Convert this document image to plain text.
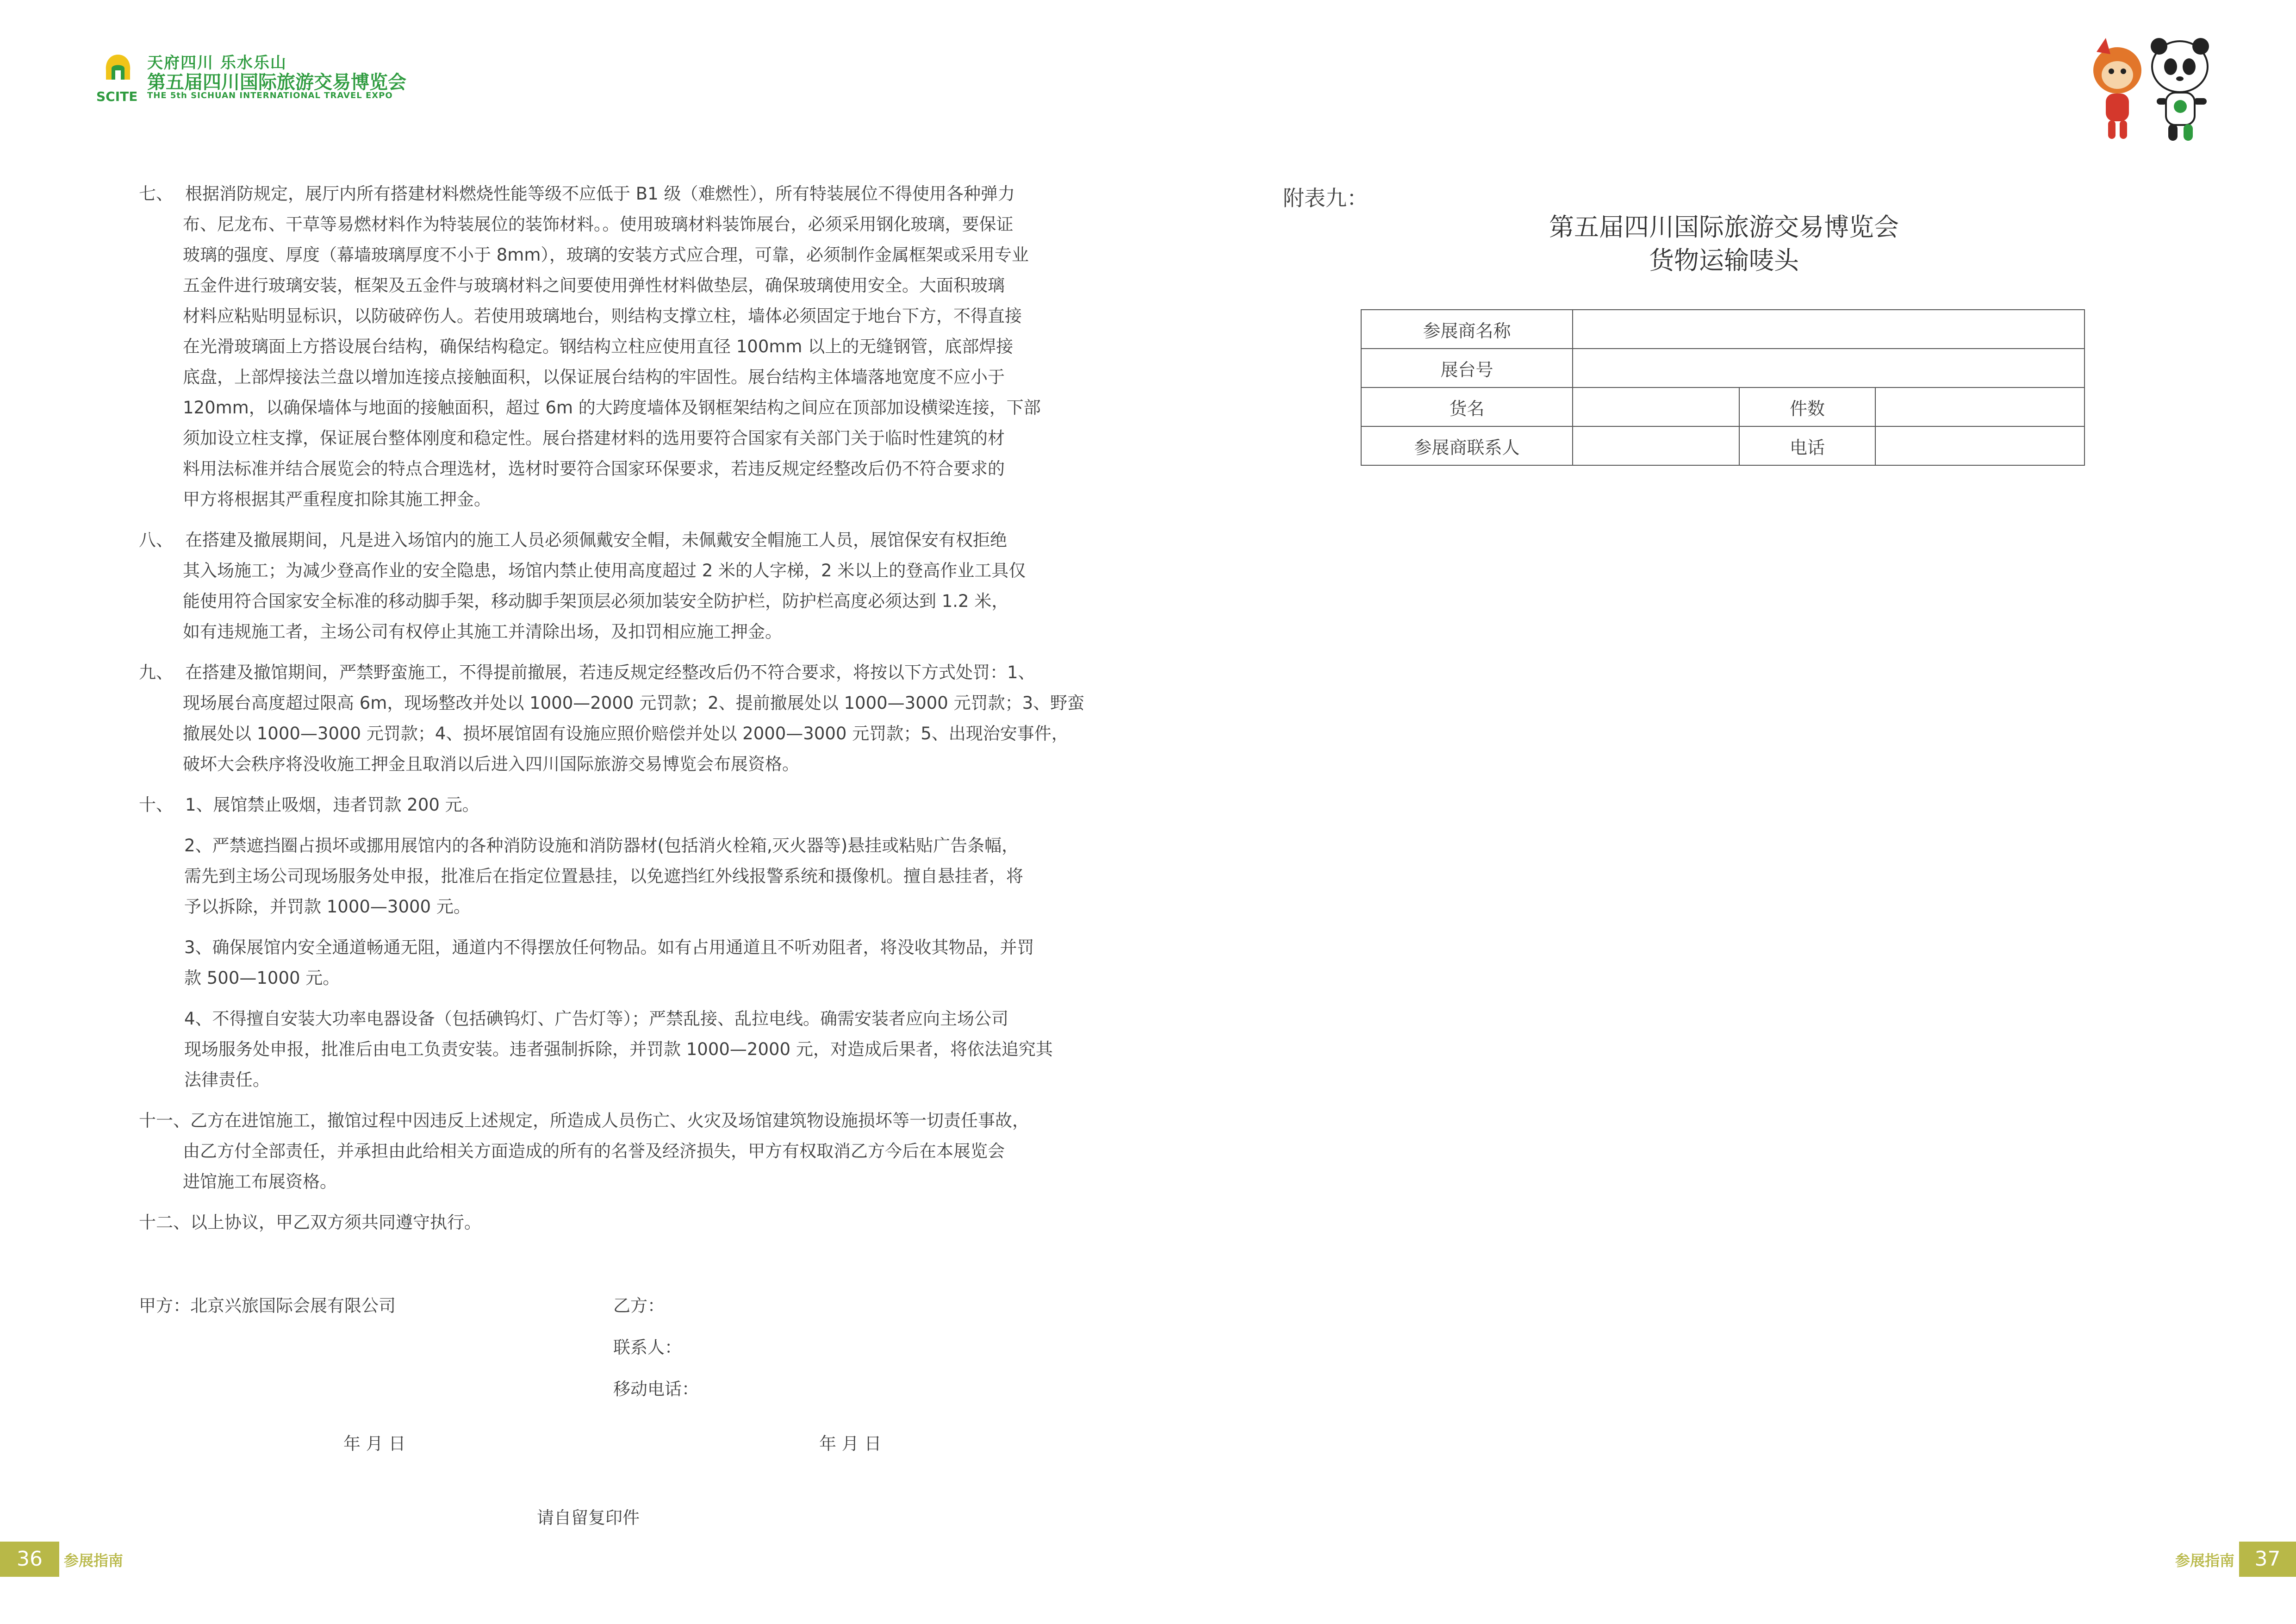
SCITE
天府四川 乐水乐山
第五届四川国际旅游交易博览会
THE 5th SICHUAN INTERNATIONAL TRAVEL EXPO
七、 根据消防规定，展厅内所有搭建材料燃烧性能等级不应低于 B1 级（难燃性），所有特装展位不得使用各种弹力
布、尼龙布、干草等易燃材料作为特装展位的装饰材料。。使用玻璃材料装饰展台，必须采用钢化玻璃，要保证
玻璃的强度、厚度（幕墙玻璃厚度不小于 8mm），玻璃的安装方式应合理，可靠，必须制作金属框架或采用专业
五金件进行玻璃安装，框架及五金件与玻璃材料之间要使用弹性材料做垫层，确保玻璃使用安全。大面积玻璃
材料应粘贴明显标识，以防破碎伤人。若使用玻璃地台，则结构支撑立柱，墙体必须固定于地台下方，不得直接
在光滑玻璃面上方搭设展台结构，确保结构稳定。钢结构立柱应使用直径 100mm 以上的无缝钢管，底部焊接
底盘，上部焊接法兰盘以增加连接点接触面积，以保证展台结构的牢固性。展台结构主体墙落地宽度不应小于
120mm，以确保墙体与地面的接触面积，超过 6m 的大跨度墙体及钢框架结构之间应在顶部加设横梁连接，下部
须加设立柱支撑，保证展台整体刚度和稳定性。展台搭建材料的选用要符合国家有关部门关于临时性建筑的材
料用法标准并结合展览会的特点合理选材，选材时要符合国家环保要求，若违反规定经整改后仍不符合要求的
甲方将根据其严重程度扣除其施工押金。
八、 在搭建及撤展期间，凡是进入场馆内的施工人员必须佩戴安全帽，未佩戴安全帽施工人员，展馆保安有权拒绝
其入场施工；为减少登高作业的安全隐患，场馆内禁止使用高度超过 2 米的人字梯，2 米以上的登高作业工具仅
能使用符合国家安全标准的移动脚手架，移动脚手架顶层必须加装安全防护栏，防护栏高度必须达到 1.2 米，
如有违规施工者，主场公司有权停止其施工并清除出场，及扣罚相应施工押金。
九、 在搭建及撤馆期间，严禁野蛮施工，不得提前撤展，若违反规定经整改后仍不符合要求，将按以下方式处罚：1、
现场展台高度超过限高 6m，现场整改并处以 1000—2000 元罚款；2、提前撤展处以 1000—3000 元罚款；3、野蛮
撤展处以 1000—3000 元罚款；4、损坏展馆固有设施应照价赔偿并处以 2000—3000 元罚款；5、出现治安事件，
破坏大会秩序将没收施工押金且取消以后进入四川国际旅游交易博览会布展资格。
十、 1、展馆禁止吸烟，违者罚款 200 元。
2、严禁遮挡圈占损坏或挪用展馆内的各种消防设施和消防器材(包括消火栓箱,灭火器等)悬挂或粘贴广告条幅，
需先到主场公司现场服务处申报，批准后在指定位置悬挂，以免遮挡红外线报警系统和摄像机。擅自悬挂者，将
予以拆除，并罚款 1000—3000 元。
3、确保展馆内安全通道畅通无阻，通道内不得摆放任何物品。如有占用通道且不听劝阻者，将没收其物品，并罚
款 500—1000 元。
4、不得擅自安装大功率电器设备（包括碘钨灯、广告灯等）；严禁乱接、乱拉电线。确需安装者应向主场公司
现场服务处申报，批准后由电工负责安装。违者强制拆除，并罚款 1000—2000 元，对造成后果者，将依法追究其
法律责任。
十一、乙方在进馆施工，撤馆过程中因违反上述规定，所造成人员伤亡、火灾及场馆建筑物设施损坏等一切责任事故，
由乙方付全部责任，并承担由此给相关方面造成的所有的名誉及经济损失，甲方有权取消乙方今后在本展览会
进馆施工布展资格。
十二、以上协议，甲乙双方须共同遵守执行。
甲方：北京兴旅国际会展有限公司	乙方：
联系人：
移动电话：
年 月 日	年 月 日
请自留复印件
附表九：
第五届四川国际旅游交易博览会
货物运输唛头
参展商名称			
展台号			
货名		件数	
参展商联系人		电话	
36	参展指南	参展指南 37
